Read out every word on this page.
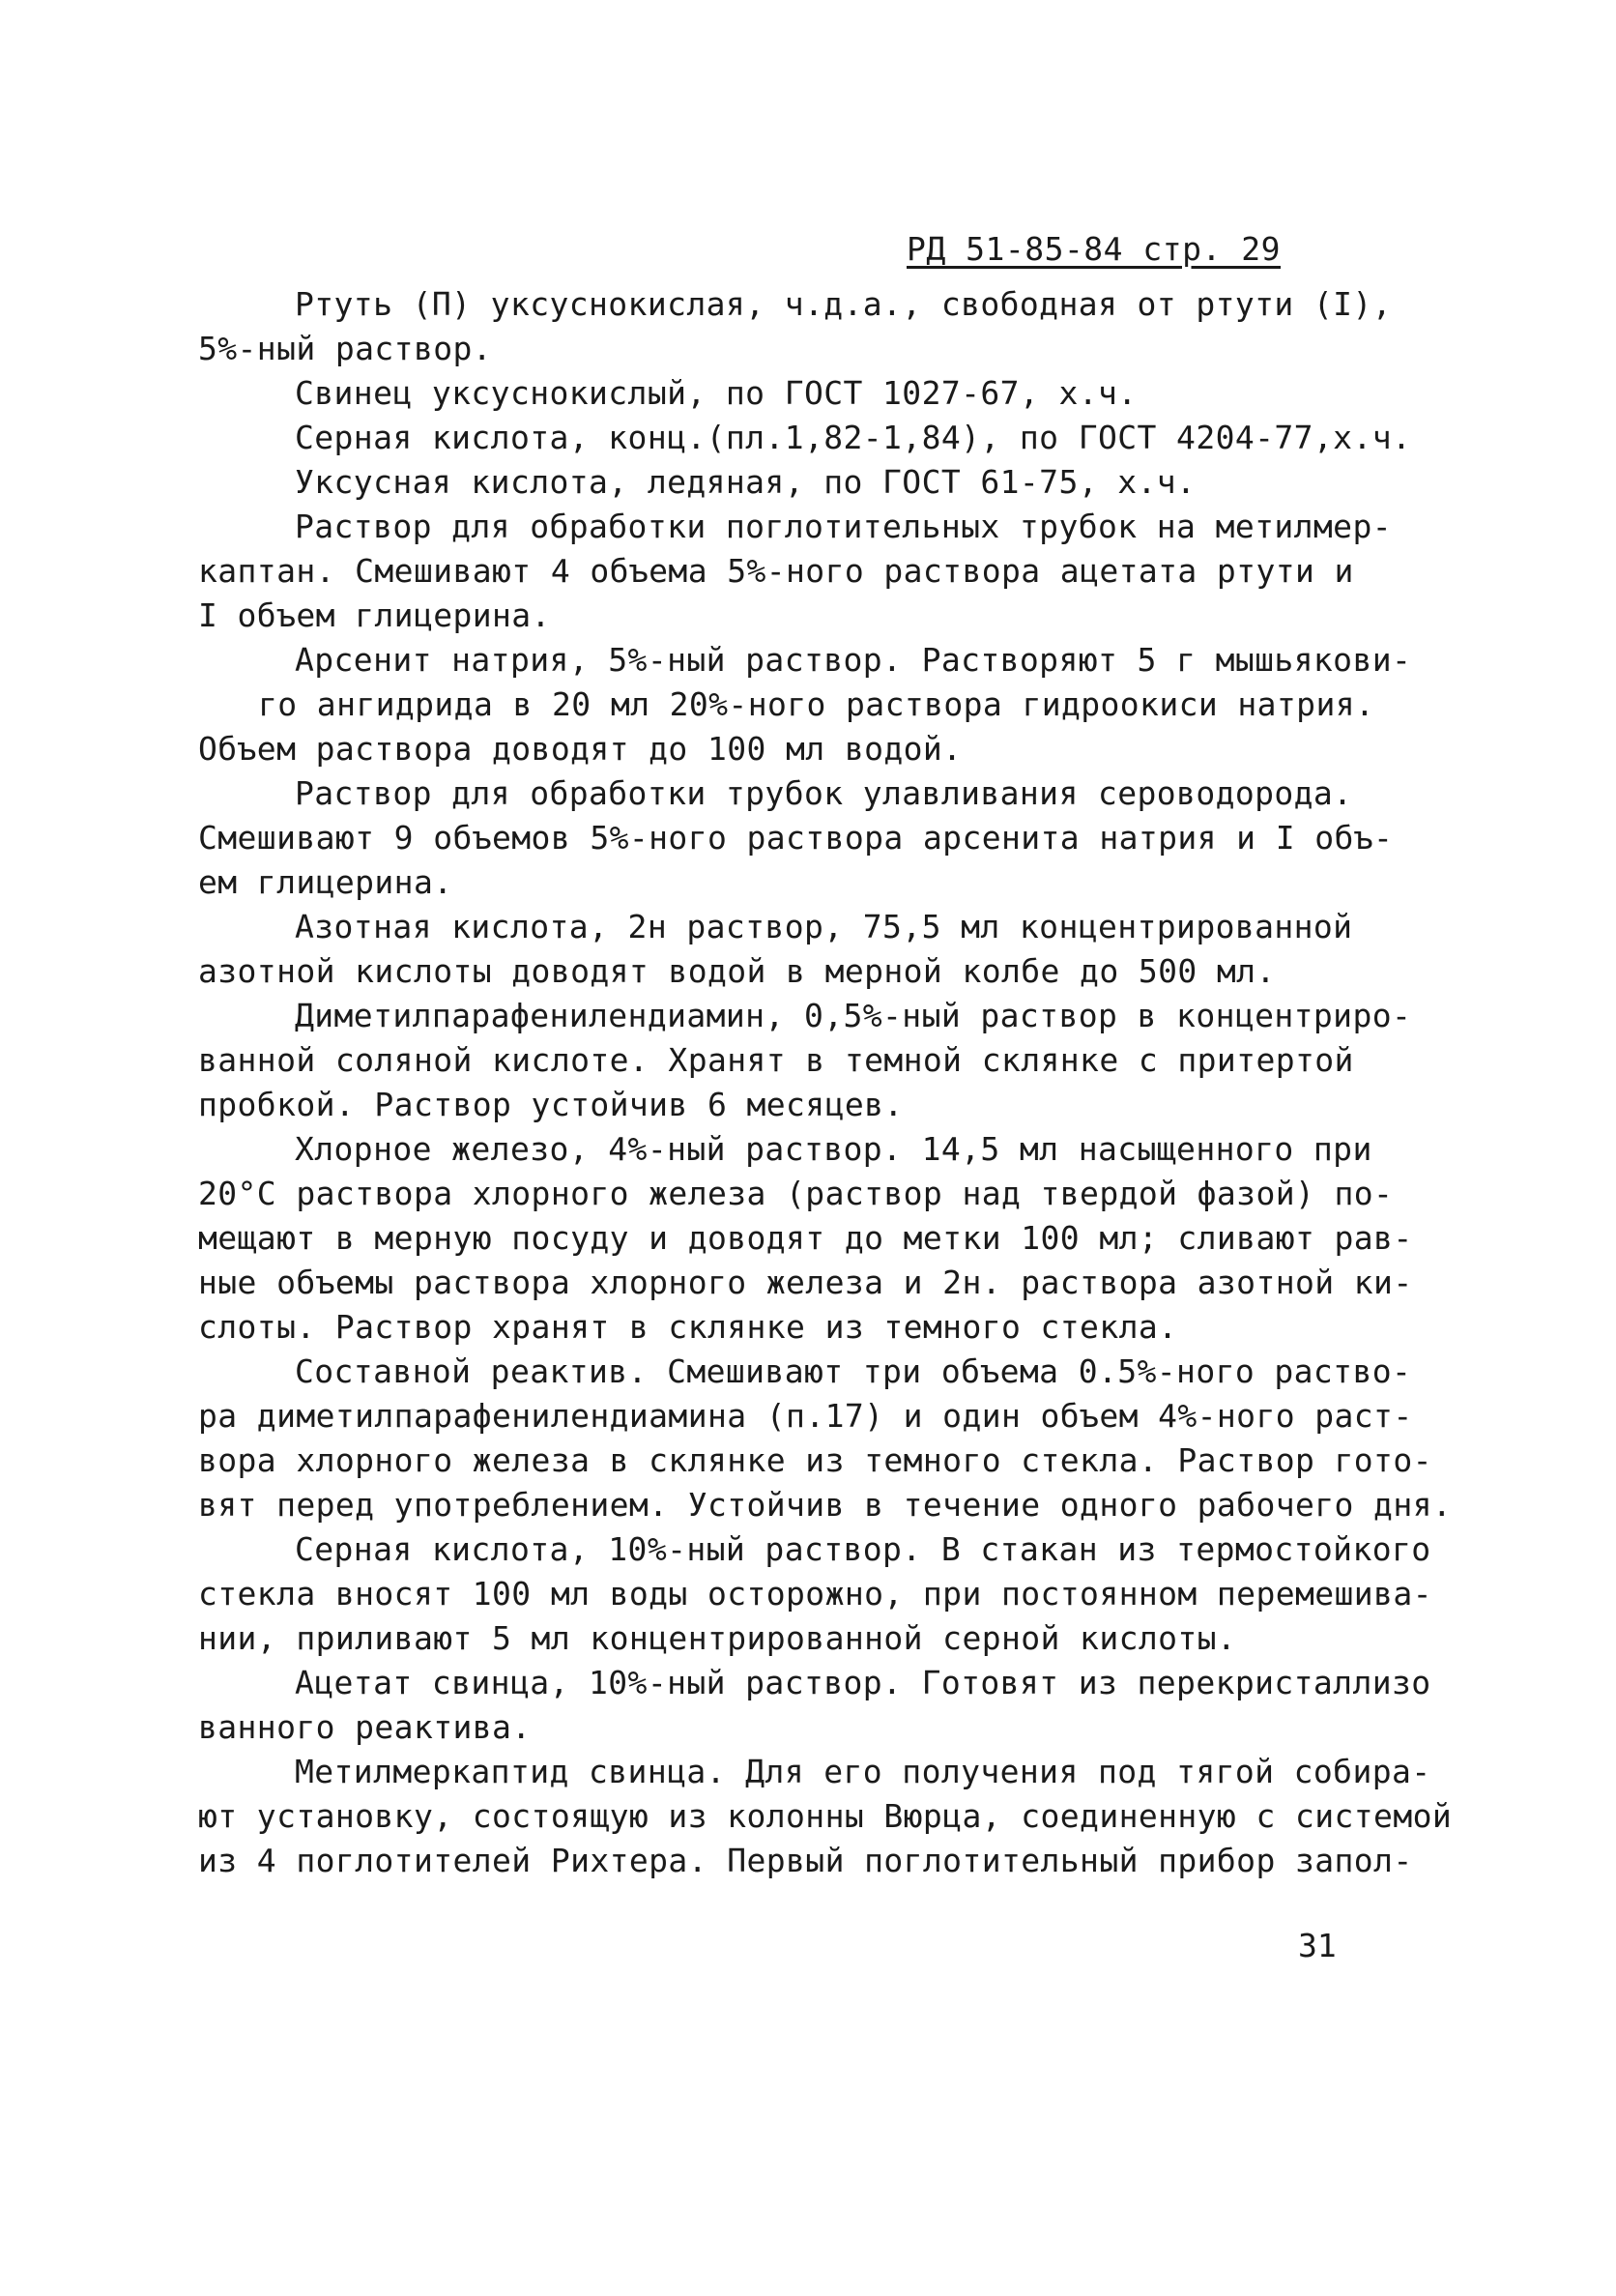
РД 51-85-84 стр. 29
Ртуть (П) уксуснокислая, ч.д.а., свободная от ртути (I),
5%-ный раствор.
Свинец уксуснокислый, по ГОСТ 1027-67, х.ч.
Серная кислота, конц.(пл.1,82-1,84), по ГОСТ 4204-77,х.ч.
Уксусная кислота, ледяная, по ГОСТ 61-75, х.ч.
Раствор для обработки поглотительных трубок на метилмер-
каптан. Смешивают 4 объема 5%-ного раствора ацетата ртути и
I объем глицерина.
Арсенит натрия, 5%-ный раствор. Растворяют 5 г мышьякови-
го ангидрида в 20 мл 20%-ного раствора гидроокиси натрия.
Объем раствора доводят до 100 мл водой.
Раствор для обработки трубок улавливания сероводорода.
Смешивают 9 объемов 5%-ного раствора арсенита натрия и I объ-
ем глицерина.
Азотная кислота, 2н раствор, 75,5 мл концентрированной
азотной кислоты доводят водой в мерной колбе до 500 мл.
Диметилпарафенилендиамин, 0,5%-ный раствор в концентриро-
ванной соляной кислоте. Хранят в темной склянке с притертой
пробкой. Раствор устойчив 6 месяцев.
Хлорное железо, 4%-ный раствор. 14,5 мл насыщенного при
20°С раствора хлорного железа (раствор над твердой фазой) по-
мещают в мерную посуду и доводят до метки 100 мл; сливают рав-
ные объемы раствора хлорного железа и 2н. раствора азотной ки-
слоты. Раствор хранят в склянке из темного стекла.
Составной реактив. Смешивают три объема 0.5%-ного раство-
ра диметилпарафенилендиамина (п.17) и один объем 4%-ного раст-
вора хлорного железа в склянке из темного стекла. Раствор гото-
вят перед употреблением. Устойчив в течение одного рабочего дня.
Серная кислота, 10%-ный раствор. В стакан из термостойкого
стекла вносят 100 мл воды осторожно, при постоянном перемешива-
нии, приливают 5 мл концентрированной серной кислоты.
Ацетат свинца, 10%-ный раствор. Готовят из перекристаллизо
ванного реактива.
Метилмеркаптид свинца. Для его получения под тягой собира-
ют установку, состоящую из колонны Вюрца, соединенную с системой
из 4 поглотителей Рихтера. Первый поглотительный прибор запол-
31
